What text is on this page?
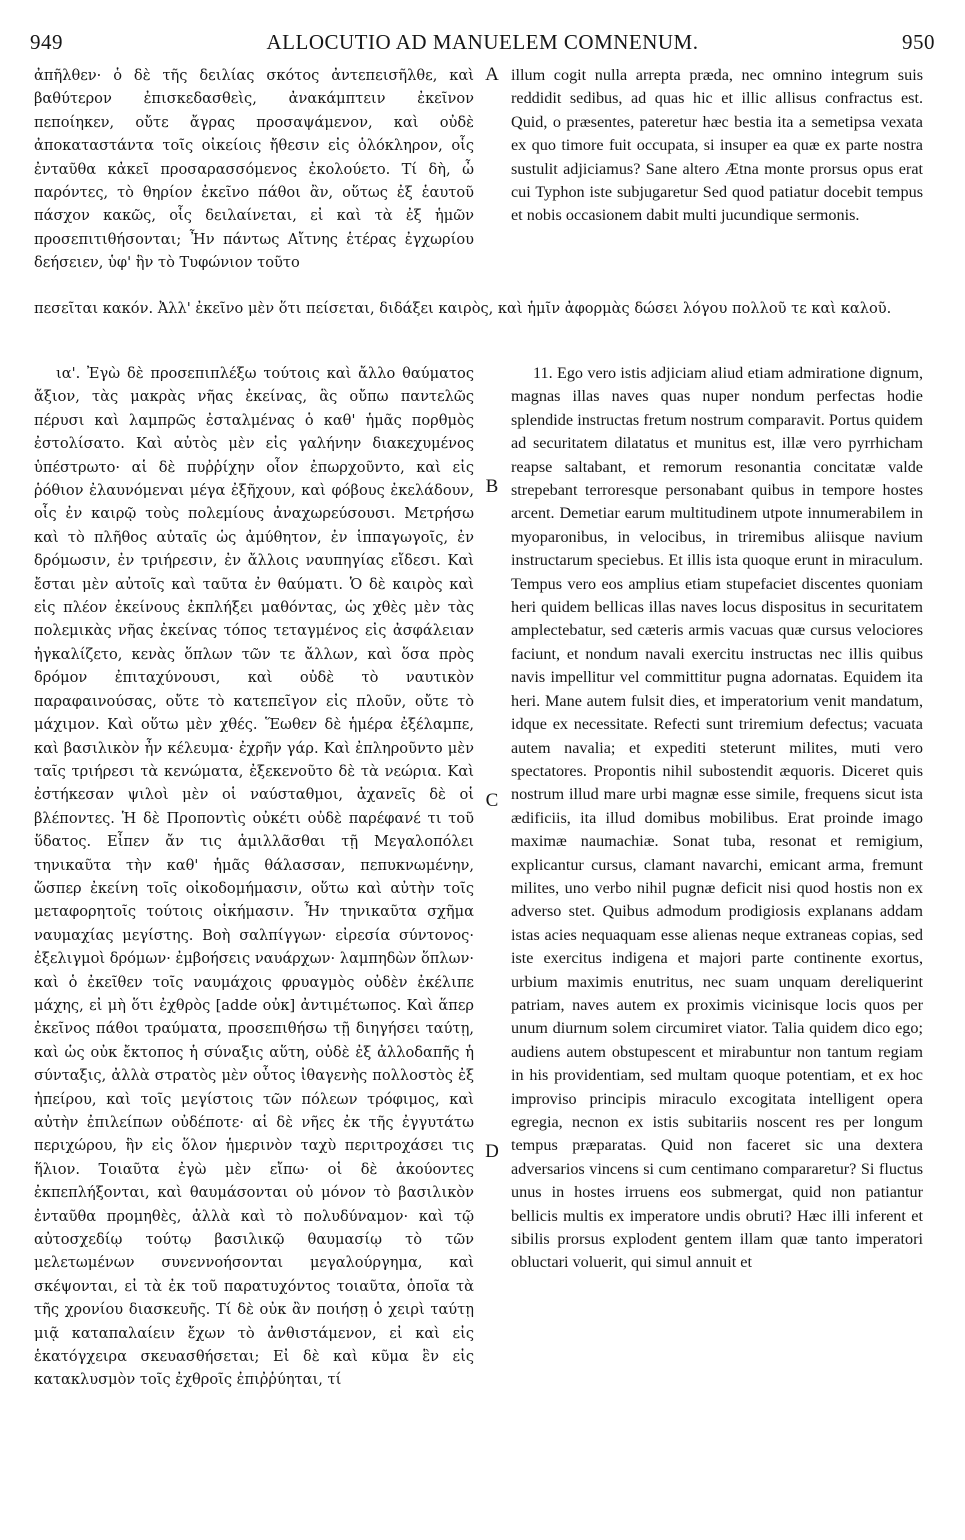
949	ALLOCUTIO AD MANUELEM COMNENUM.	950

ἀπῆλθεν· ὁ δὲ τῆς δειλίας σκότος ἀντεπεισῆλθε, καὶ βαθύτερον ἐπισκεδασθεὶς, ἀνακάμπτειν ἐκεῖνον πεποίηκεν, οὔτε ἄγρας προσαψάμενον, καὶ οὐδὲ ἀποκαταστάντα τοῖς οἰκείοις ἤθεσιν εἰς ὁλόκληρον, οἷς ἐνταῦθα κἀκεῖ προσαρασσόμενος ἐκολούετο. Τί δὴ, ὦ παρόντες, τὸ θηρίον ἐκεῖνο πάθοι ἂν, οὕτως ἐξ ἑαυτοῦ πάσχον κακῶς, οἷς δειλαίνεται, εἰ καὶ τὰ ἐξ ἡμῶν προσεπιτιθήσονται; Ἦν πάντως Αἴτνης ἑτέρας ἐγχωρίου δεήσειεν, ὑφ' ἣν τὸ Τυφώνιον τοῦτο

illum cogit nulla arrepta præda, nec omnino integrum suis reddidit sedibus, ad quas hic et illic allisus confractus est. Quid, o præsentes, pateretur hæc bestia ita a semetipsa vexata ex quo timore fuit occupata, si insuper ea quæ ex parte nostra sustulit adjiciamus? Sane altero Ætna monte prorsus opus erat cui Typhon iste subjugaretur Sed quod patiatur docebit tempus et nobis occasionem dabit multi jucundique sermonis.

πεσεῖται κακόν. Ἀλλ' ἐκεῖνο μὲν ὅτι πείσεται, διδάξει καιρὸς, καὶ ἡμῖν ἀφορμὰς δώσει λόγου πολλοῦ τε καὶ καλοῦ.

ια'. Ἐγὼ δὲ προσεπιπλέξω τούτοις καὶ ἄλλο θαύματος ἄξιον, τὰς μακρὰς νῆας ἐκείνας, ἃς οὔπω παντελῶς πέρυσι καὶ λαμπρῶς ἐσταλμένας ὁ καθ' ἡμᾶς πορθμὸς ἐστολίσατο. Καὶ αὐτὸς μὲν εἰς γαλήνην διακεχυμένος ὑπέστρωτο· αἱ δὲ πυῤῥίχην οἷον ἐπωρχοῦντο, καὶ εἰς ῥόθιον ἐλαυνόμεναι μέγα ἐξῆχουν, καὶ φόβους ἐκελάδουν, οἷς ἐν καιρῷ τοὺς πολεμίους ἀναχωρεύσουσι. Μετρήσω καὶ τὸ πλῆθος αὐταῖς ὡς ἀμύθητον, ἐν ἱππαγωγοῖς, ἐν δρόμωσιν, ἐν τριήρεσιν, ἐν ἄλλοις ναυπηγίας εἴδεσι. Καὶ ἔσται μὲν αὐτοῖς καὶ ταῦτα ἐν θαύματι. Ὁ δὲ καιρὸς καὶ εἰς πλέον ἐκείνους ἐκπλήξει μαθόντας, ὡς χθὲς μὲν τὰς πολεμικὰς νῆας ἐκείνας τόπος τεταγμένος εἰς ἀσφάλειαν ἠγκαλίζετο, κενὰς ὅπλων τῶν τε ἄλλων, καὶ ὅσα πρὸς δρόμον ἐπιταχύνουσι, καὶ οὐδὲ τὸ ναυτικὸν παραφαινούσας, οὔτε τὸ κατεπεῖγον εἰς πλοῦν, οὔτε τὸ μάχιμον. Καὶ οὕτω μὲν χθές. Ἕωθεν δὲ ἡμέρα ἐξέλαμπε, καὶ βασιλικὸν ἦν κέλευμα· ἐχρῆν γάρ. Καὶ ἐπληροῦντο μὲν ταῖς τριήρεσι τὰ κενώματα, ἐξεκενοῦτο δὲ τὰ νεώρια. Καὶ ἐστήκεσαν ψιλοὶ μὲν οἱ ναύσταθμοι, ἀχανεῖς δὲ οἱ βλέποντες. Ἡ δὲ Προποντὶς οὐκέτι οὐδὲ παρέφανέ τι τοῦ ὕδατος. Εἶπεν ἄν τις ἁμιλλᾶσθαι τῇ Μεγαλοπόλει τηνικαῦτα τὴν καθ' ἡμᾶς θάλασσαν, πεπυκνωμένην, ὥσπερ ἐκείνη τοῖς οἰκοδομήμασιν, οὕτω καὶ αὐτὴν τοῖς μεταφορητοῖς τούτοις οἰκήμασιν. Ἦν τηνικαῦτα σχῆμα ναυμαχίας μεγίστης. Βοὴ σαλπίγγων· εἰρεσία σύντονος· ἐξελιγμοὶ δρόμων· ἐμβοήσεις ναυάρχων· λαμπηδὼν ὅπλων· καὶ ὁ ἐκεῖθεν τοῖς ναυμάχοις φρυαγμὸς οὐδὲν ἐκέλιπε μάχης, εἰ μὴ ὅτι ἐχθρὸς [adde οὐκ] ἀντιμέτωπος. Καὶ ἅπερ ἐκεῖνος πάθοι τραύματα, προσεπιθήσω τῇ διηγήσει ταύτῃ, καὶ ὡς οὐκ ἔκτοπος ἡ σύναξις αὕτη, οὐδὲ ἐξ ἀλλοδαπῆς ἡ σύνταξις, ἀλλὰ στρατὸς μὲν οὗτος ἰθαγενὴς πολλοστὸς ἐξ ἠπείρου, καὶ τοῖς μεγίστοις τῶν πόλεων τρόφιμος, καὶ αὐτὴν ἐπιλείπων οὐδέποτε· αἱ δὲ νῆες ἐκ τῆς ἐγγυτάτω περιχώρου, ἣν εἰς ὅλον ἡμερινὸν ταχὺ περιτροχάσει τις ἥλιον. Τοιαῦτα ἐγὼ μὲν εἴπω· οἱ δὲ ἀκούοντες ἐκπεπλήξονται, καὶ θαυμάσονται οὐ μόνον τὸ βασιλικὸν ἐνταῦθα προμηθὲς, ἀλλὰ καὶ τὸ πολυδύναμον· καὶ τῷ αὐτοσχεδίῳ τούτῳ βασιλικῷ θαυμασίῳ τὸ τῶν μελετωμένων συνεννοήσονται μεγαλούργημα, καὶ σκέψονται, εἰ τὰ ἐκ τοῦ παρατυχόντος τοιαῦτα, ὁποῖα τὰ τῆς χρονίου διασκευῆς. Τί δὲ οὐκ ἂν ποιήσῃ ὁ χειρὶ ταύτῃ μιᾷ καταπαλαίειν ἔχων τὸ ἀνθιστάμενον, εἰ καὶ εἰς ἑκατόγχειρα σκευασθήσεται; Εἰ δὲ καὶ κῦμα ἓν εἰς κατακλυσμὸν τοῖς ἐχθροῖς ἐπιῤῥύηται, τί

11. Ego vero istis adjiciam aliud etiam admiratione dignum, magnas illas naves quas nuper nondum perfectas hodie splendide instructas fretum nostrum comparavit. Portus quidem ad securitatem dilatatus et munitus est, illæ vero pyrrhicham reapse saltabant, et remorum resonantia concitatæ valde strepebant terroresque personabant quibus in tempore hostes arcent. Demetiar earum multitudinem utpote innumerabilem in myoparonibus, in velocibus, in triremibus aliisque navium instructarum speciebus. Et illis ista quoque erunt in miraculum. Tempus vero eos amplius etiam stupefaciet discentes quoniam heri quidem bellicas illas naves locus dispositus in securitatem amplectebatur, sed cæteris armis vacuas quæ cursus velociores faciunt, et nondum navali exercitu instructas nec illis quibus navis impellitur vel committitur pugna adornatas. Equidem ita heri. Mane autem fulsit dies, et imperatorium venit mandatum, idque ex necessitate. Refecti sunt triremium defectus; vacuata autem navalia; et expediti steterunt milites, muti vero spectatores. Propontis nihil subostendit æquoris. Diceret quis nostrum illud mare urbi magnæ esse simile, frequens sicut ista ædificiis, ita illud domibus mobilibus. Erat proinde imago maximæ naumachiæ. Sonat tuba, resonat et remigium, explicantur cursus, clamant navarchi, emicant arma, fremunt milites, uno verbo nihil pugnæ deficit nisi quod hostis non ex adverso stet. Quibus admodum prodigiosis explanans addam istas acies nequaquam esse alienas neque extraneas copias, sed iste exercitus indigena et majori parte continente exortus, urbium maximis enutritus, nec suam unquam dereliquerint patriam, naves autem ex proximis vicinisque locis quos per unum diurnum solem circumiret viator. Talia quidem dico ego; audiens autem obstupescent et mirabuntur non tantum regiam in his providentiam, sed multam quoque potentiam, et ex hoc improviso principis miraculo excogitata intelligent opera egregia, necnon ex istis subitariis noscent res per longum tempus præparatas. Quid non faceret sic una dextera adversarios vincens si cum centimano compararetur? Si fluctus unus in hostes irruens eos submergat, quid non patiantur bellicis multis ex imperatore undis obruti? Hæc illi inferent et sibilis prorsus explodent gentem illam quæ tanto imperatori obluctari voluerit, qui simul annuit et

A
B
C
D
